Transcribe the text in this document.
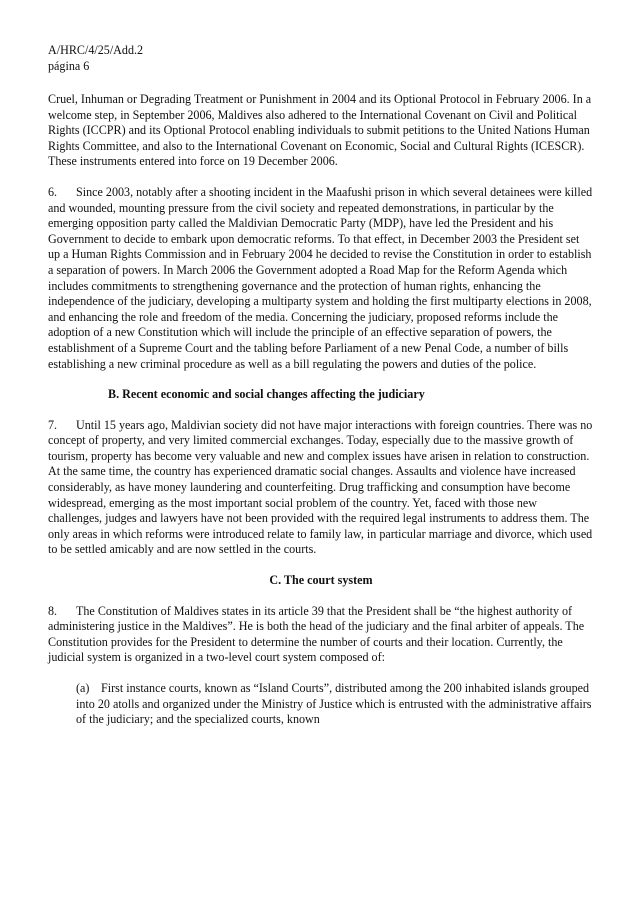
A/HRC/4/25/Add.2
página 6

Cruel, Inhuman or Degrading Treatment or Punishment in 2004 and its Optional Protocol in February 2006. In a welcome step, in September 2006, Maldives also adhered to the International Covenant on Civil and Political Rights (ICCPR) and its Optional Protocol enabling individuals to submit petitions to the United Nations Human Rights Committee, and also to the International Covenant on Economic, Social and Cultural Rights (ICESCR). These instruments entered into force on 19 December 2006.

6. Since 2003, notably after a shooting incident in the Maafushi prison in which several detainees were killed and wounded, mounting pressure from the civil society and repeated demonstrations, in particular by the emerging opposition party called the Maldivian Democratic Party (MDP), have led the President and his Government to decide to embark upon democratic reforms. To that effect, in December 2003 the President set up a Human Rights Commission and in February 2004 he decided to revise the Constitution in order to establish a separation of powers. In March 2006 the Government adopted a Road Map for the Reform Agenda which includes commitments to strengthening governance and the protection of human rights, enhancing the independence of the judiciary, developing a multiparty system and holding the first multiparty elections in 2008, and enhancing the role and freedom of the media. Concerning the judiciary, proposed reforms include the adoption of a new Constitution which will include the principle of an effective separation of powers, the establishment of a Supreme Court and the tabling before Parliament of a new Penal Code, a number of bills establishing a new criminal procedure as well as a bill regulating the powers and duties of the police.

B. Recent economic and social changes affecting the judiciary

7. Until 15 years ago, Maldivian society did not have major interactions with foreign countries. There was no concept of property, and very limited commercial exchanges. Today, especially due to the massive growth of tourism, property has become very valuable and new and complex issues have arisen in relation to construction. At the same time, the country has experienced dramatic social changes. Assaults and violence have increased considerably, as have money laundering and counterfeiting. Drug trafficking and consumption have become widespread, emerging as the most important social problem of the country. Yet, faced with those new challenges, judges and lawyers have not been provided with the required legal instruments to address them. The only areas in which reforms were introduced relate to family law, in particular marriage and divorce, which used to be settled amicably and are now settled in the courts.

C. The court system

8. The Constitution of Maldives states in its article 39 that the President shall be “the highest authority of administering justice in the Maldives”. He is both the head of the judiciary and the final arbiter of appeals. The Constitution provides for the President to determine the number of courts and their location. Currently, the judicial system is organized in a two-level court system composed of:

(a) First instance courts, known as “Island Courts”, distributed among the 200 inhabited islands grouped into 20 atolls and organized under the Ministry of Justice which is entrusted with the administrative affairs of the judiciary; and the specialized courts, known
